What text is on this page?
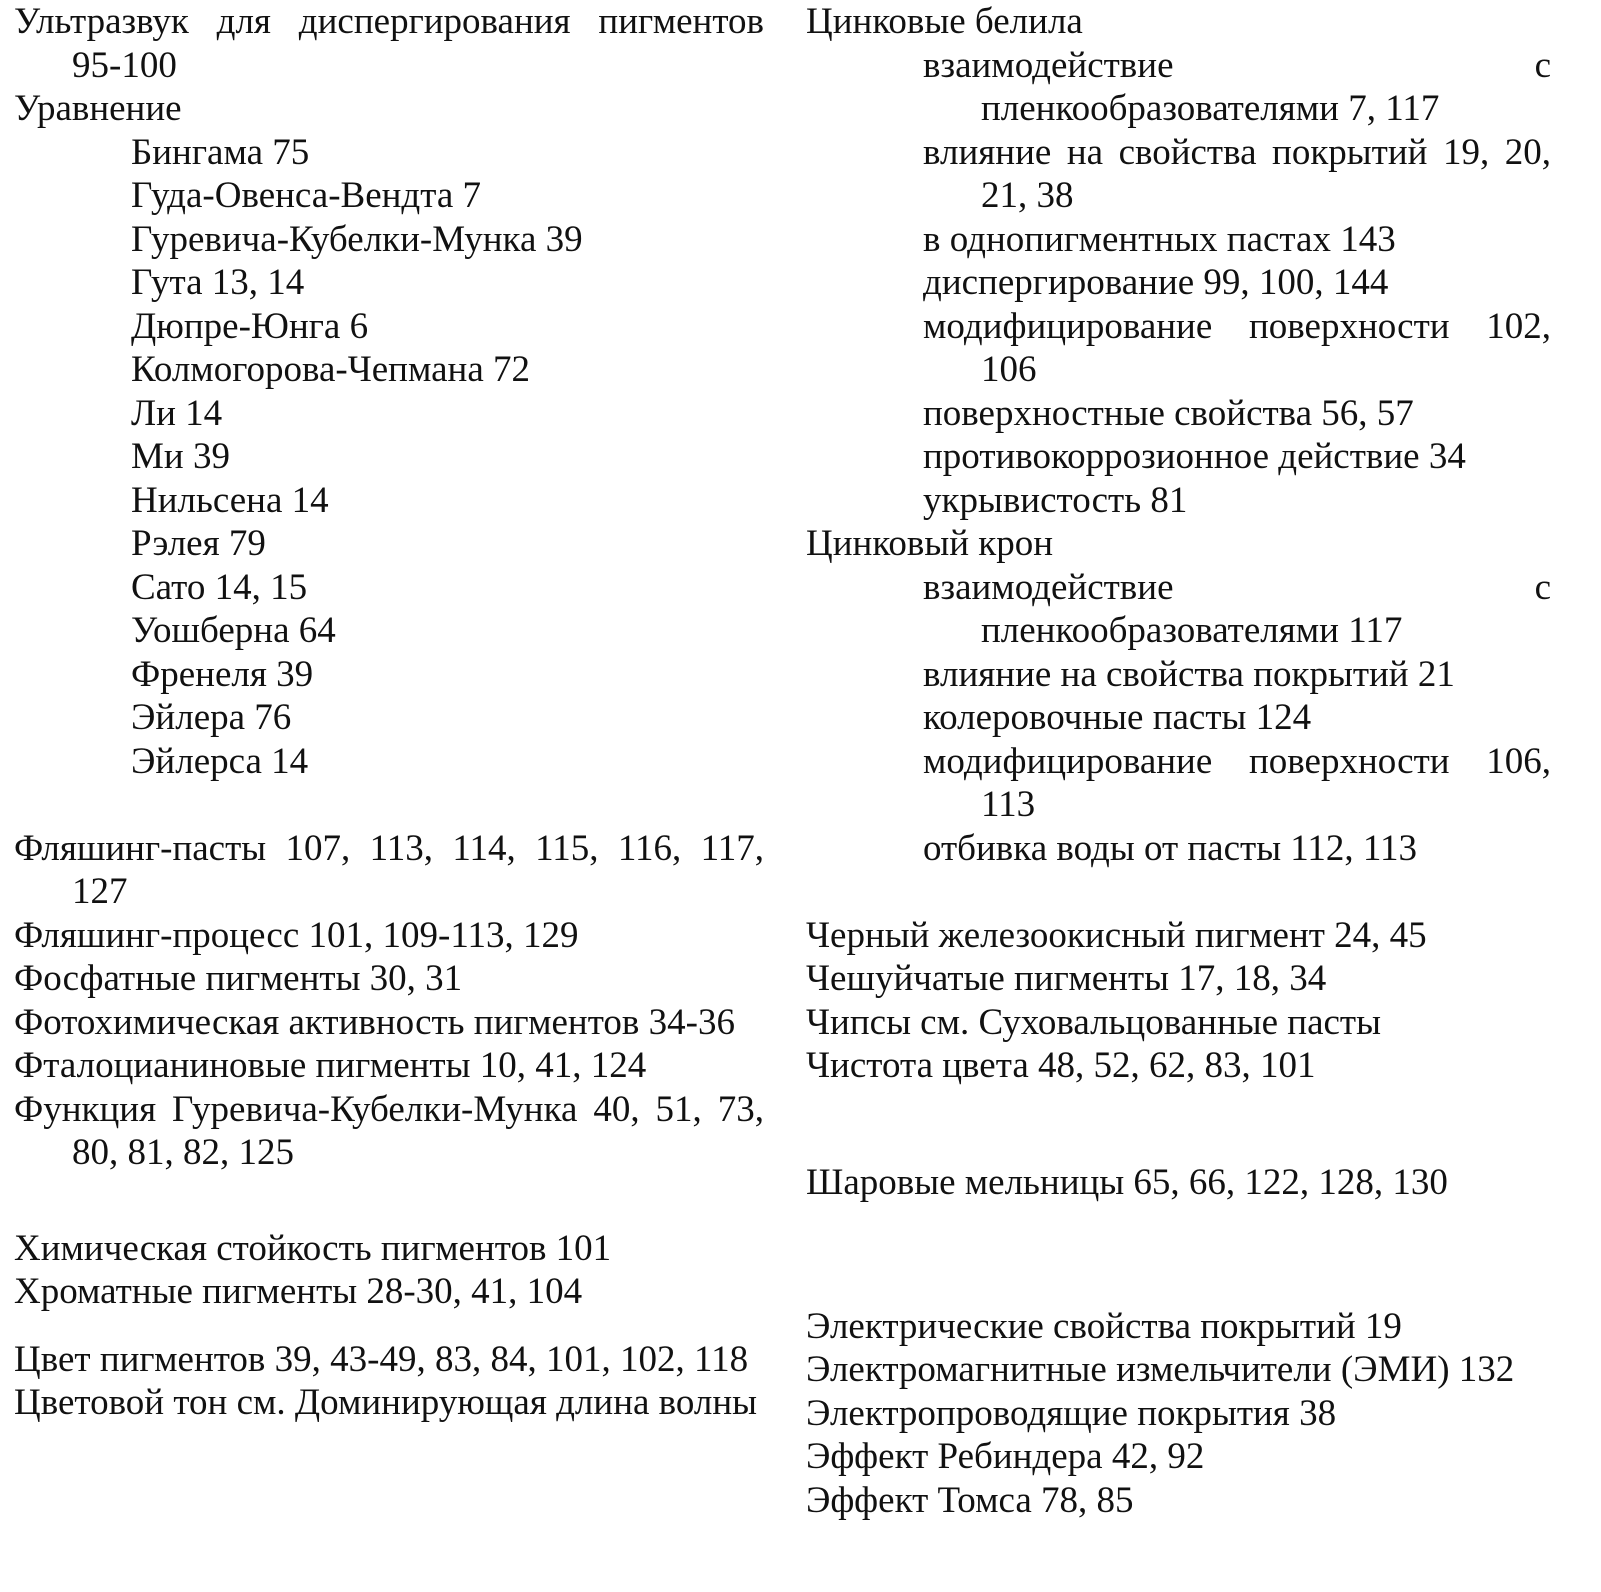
Ультразвук для диспергирования пигментов 95-100
Уравнение
Бингама 75
Гуда-Овенса-Вендта 7
Гуревича-Кубелки-Мунка 39
Гута 13, 14
Дюпре-Юнга 6
Колмогорова-Чепмана 72
Ли 14
Ми 39
Нильсена 14
Рэлея 79
Сато 14, 15
Уошберна 64
Френеля 39
Эйлера 76
Эйлерса 14
Фляшинг-пасты 107, 113, 114, 115, 116, 117, 127
Фляшинг-процесс 101, 109-113, 129
Фосфатные пигменты 30, 31
Фотохимическая активность пигментов 34-36
Фталоцианиновые пигменты 10, 41, 124
Функция Гуревича-Кубелки-Мунка 40, 51, 73, 80, 81, 82, 125
Химическая стойкость пигментов 101
Хроматные пигменты 28-30, 41, 104
Цвет пигментов 39, 43-49, 83, 84, 101, 102, 118
Цветовой тон см. Доминирующая длина волны
Цинковые белила
взаимодействие с пленкообразователями 7, 117
влияние на свойства покрытий 19, 20, 21, 38
в однопигментных пастах 143
диспергирование 99, 100, 144
модифицирование поверхности 102, 106
поверхностные свойства 56, 57
противокоррозионное действие 34
укрывистость 81
Цинковый крон
взаимодействие с пленкообразователями 117
влияние на свойства покрытий 21
колеровочные пасты 124
модифицирование поверхности 106, 113
отбивка воды от пасты 112, 113
Черный железоокисный пигмент 24, 45
Чешуйчатые пигменты 17, 18, 34
Чипсы см. Суховальцованные пасты
Чистота цвета 48, 52, 62, 83, 101
Шаровые мельницы 65, 66, 122, 128, 130
Электрические свойства покрытий 19
Электромагнитные измельчители (ЭМИ) 132
Электропроводящие покрытия 38
Эффект Ребиндера 42, 92
Эффект Томса 78, 85
